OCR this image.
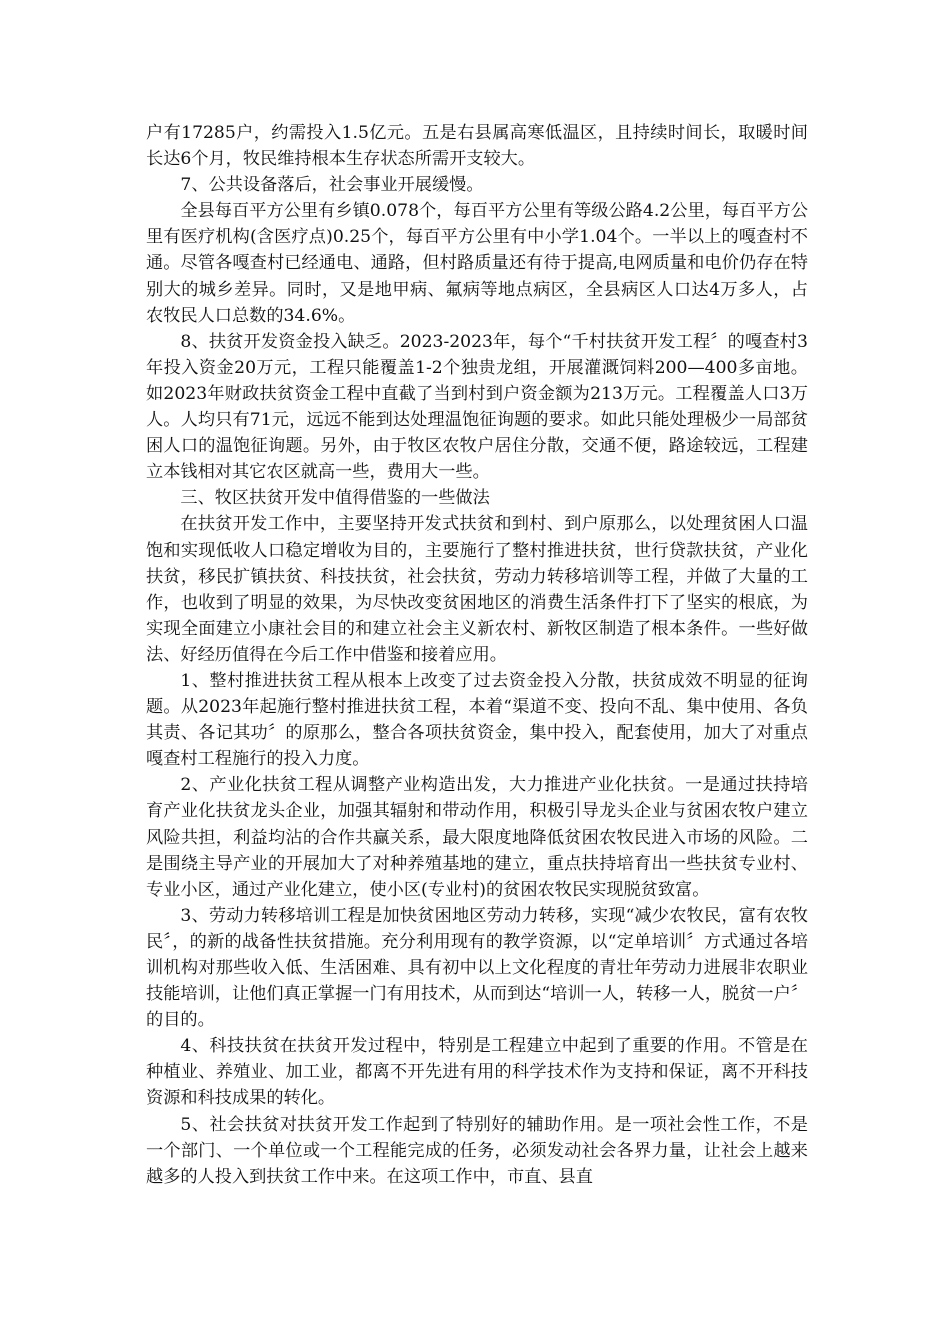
户有17285户，约需投入1.5亿元。五是右县属高寒低温区，且持续时间长，取暖时间长达6个月，牧民维持根本生存状态所需开支较大。

7、公共设备落后，社会事业开展缓慢。

全县每百平方公里有乡镇0.078个，每百平方公里有等级公路4.2公里，每百平方公里有医疗机构(含医疗点)0.25个，每百平方公里有中小学1.04个。一半以上的嘎查村不通。尽管各嘎查村已经通电、通路，但村路质量还有待于提高,电网质量和电价仍存在特别大的城乡差异。同时，又是地甲病、氟病等地点病区，全县病区人口达4万多人，占农牧民人口总数的34.6%。

8、扶贫开发资金投入缺乏。2023-2023年，每个“千村扶贫开发工程〞的嘎查村3年投入资金20万元，工程只能覆盖1-2个独贵龙组，开展灌溉饲料200—400多亩地。如2023年财政扶贫资金工程中直截了当到村到户资金额为213万元。工程覆盖人口3万人。人均只有71元，远远不能到达处理温饱征询题的要求。如此只能处理极少一局部贫困人口的温饱征询题。另外，由于牧区农牧户居住分散，交通不便，路途较远，工程建立本钱相对其它农区就高一些，费用大一些。

三、牧区扶贫开发中值得借鉴的一些做法

在扶贫开发工作中，主要坚持开发式扶贫和到村、到户原那么，以处理贫困人口温饱和实现低收人口稳定增收为目的，主要施行了整村推进扶贫，世行贷款扶贫，产业化扶贫，移民扩镇扶贫、科技扶贫，社会扶贫，劳动力转移培训等工程，并做了大量的工作，也收到了明显的效果，为尽快改变贫困地区的消费生活条件打下了坚实的根底，为实现全面建立小康社会目的和建立社会主义新农村、新牧区制造了根本条件。一些好做法、好经历值得在今后工作中借鉴和接着应用。

1、整村推进扶贫工程从根本上改变了过去资金投入分散，扶贫成效不明显的征询题。从2023年起施行整村推进扶贫工程，本着“渠道不变、投向不乱、集中使用、各负其责、各记其功〞的原那么，整合各项扶贫资金，集中投入，配套使用，加大了对重点嘎查村工程施行的投入力度。

2、产业化扶贫工程从调整产业构造出发，大力推进产业化扶贫。一是通过扶持培育产业化扶贫龙头企业，加强其辐射和带动作用，积极引导龙头企业与贫困农牧户建立风险共担，利益均沾的合作共赢关系，最大限度地降低贫困农牧民进入市场的风险。二是围绕主导产业的开展加大了对种养殖基地的建立，重点扶持培育出一些扶贫专业村、专业小区，通过产业化建立，使小区(专业村)的贫困农牧民实现脱贫致富。

3、劳动力转移培训工程是加快贫困地区劳动力转移，实现“减少农牧民，富有农牧民〞，的新的战备性扶贫措施。充分利用现有的教学资源，以“定单培训〞方式通过各培训机构对那些收入低、生活困难、具有初中以上文化程度的青壮年劳动力进展非农职业技能培训，让他们真正掌握一门有用技术，从而到达“培训一人，转移一人，脱贫一户〞的目的。

4、科技扶贫在扶贫开发过程中，特别是工程建立中起到了重要的作用。不管是在种植业、养殖业、加工业，都离不开先进有用的科学技术作为支持和保证，离不开科技资源和科技成果的转化。

5、社会扶贫对扶贫开发工作起到了特别好的辅助作用。是一项社会性工作，不是一个部门、一个单位或一个工程能完成的任务，必须发动社会各界力量，让社会上越来越多的人投入到扶贫工作中来。在这项工作中，市直、县直
